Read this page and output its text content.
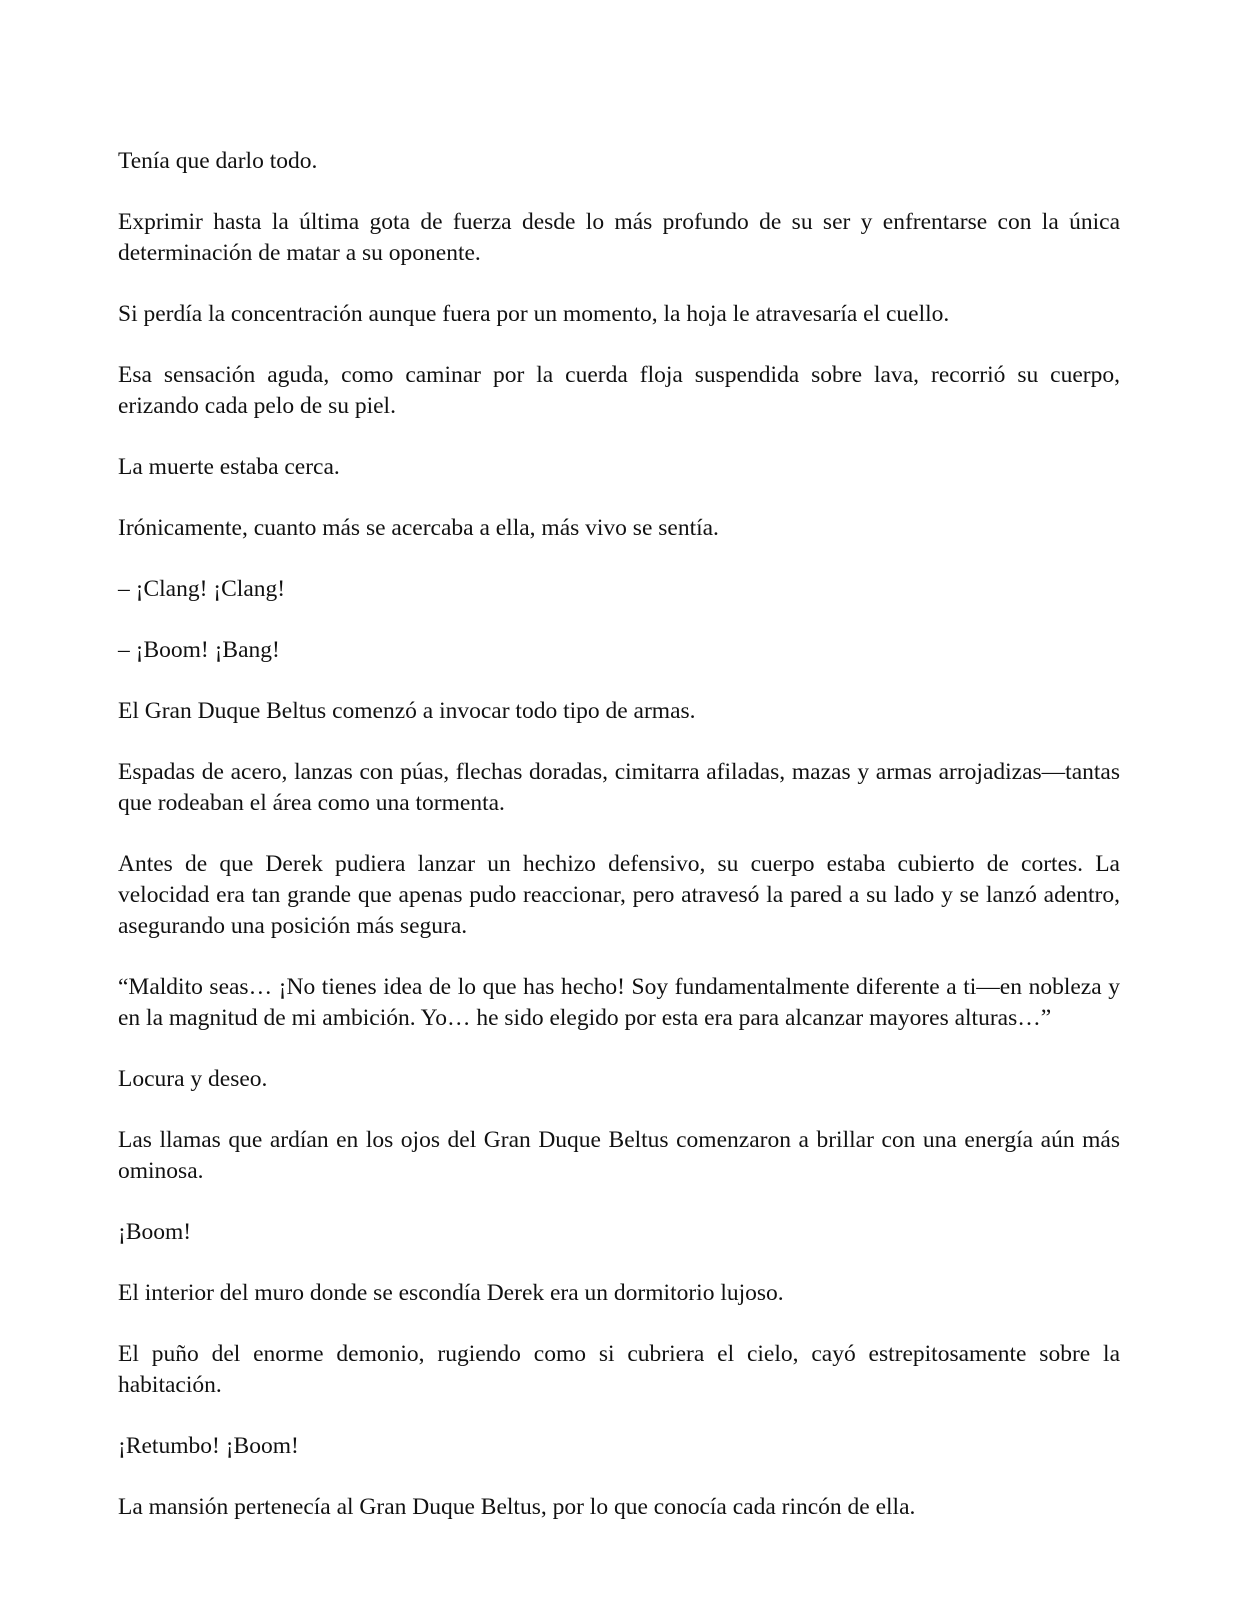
Tenía que darlo todo.

Exprimir hasta la última gota de fuerza desde lo más profundo de su ser y enfrentarse con la única determinación de matar a su oponente.

Si perdía la concentración aunque fuera por un momento, la hoja le atravesaría el cuello.

Esa sensación aguda, como caminar por la cuerda floja suspendida sobre lava, recorrió su cuerpo, erizando cada pelo de su piel.

La muerte estaba cerca.

Irónicamente, cuanto más se acercaba a ella, más vivo se sentía.

– ¡Clang! ¡Clang!

– ¡Boom! ¡Bang!

El Gran Duque Beltus comenzó a invocar todo tipo de armas.

Espadas de acero, lanzas con púas, flechas doradas, cimitarra afiladas, mazas y armas arrojadizas—tantas que rodeaban el área como una tormenta.

Antes de que Derek pudiera lanzar un hechizo defensivo, su cuerpo estaba cubierto de cortes. La velocidad era tan grande que apenas pudo reaccionar, pero atravesó la pared a su lado y se lanzó adentro, asegurando una posición más segura.

“Maldito seas… ¡No tienes idea de lo que has hecho! Soy fundamentalmente diferente a ti—en nobleza y en la magnitud de mi ambición. Yo… he sido elegido por esta era para alcanzar mayores alturas…”

Locura y deseo.

Las llamas que ardían en los ojos del Gran Duque Beltus comenzaron a brillar con una energía aún más ominosa.

¡Boom!

El interior del muro donde se escondía Derek era un dormitorio lujoso.

El puño del enorme demonio, rugiendo como si cubriera el cielo, cayó estrepitosamente sobre la habitación.

¡Retumbo! ¡Boom!

La mansión pertenecía al Gran Duque Beltus, por lo que conocía cada rincón de ella.
